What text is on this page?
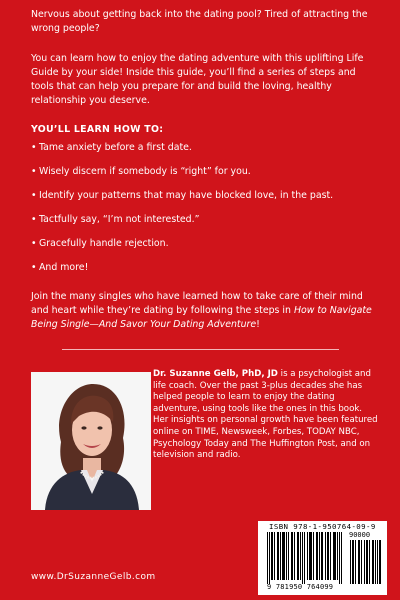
Nervous about getting back into the dating pool? Tired of attracting the wrong people?

You can learn how to enjoy the dating adventure with this uplifting Life Guide by your side! Inside this guide, you’ll find a series of steps and tools that can help you prepare for and build the loving, healthy relationship you deserve.

YOU’LL LEARN HOW TO:

• Tame anxiety before a first date.
• Wisely discern if somebody is “right” for you.
• Identify your patterns that may have blocked love, in the past.
• Tactfully say, “I’m not interested.”
• Gracefully handle rejection.
• And more!

Join the many singles who have learned how to take care of their mind and heart while they’re dating by following the steps in How to Navigate Being Single—And Savor Your Dating Adventure!

Dr. Suzanne Gelb, PhD, JD is a psychologist and life coach. Over the past 3-plus decades she has helped people to learn to enjoy the dating adventure, using tools like the ones in this book. Her insights on personal growth have been featured online on TIME, Newsweek, Forbes, TODAY NBC, Psychology Today and The Huffington Post, and on television and radio.

www.DrSuzanneGelb.com
ISBN 978-1-950764-09-9
90000
9 781950 764099
